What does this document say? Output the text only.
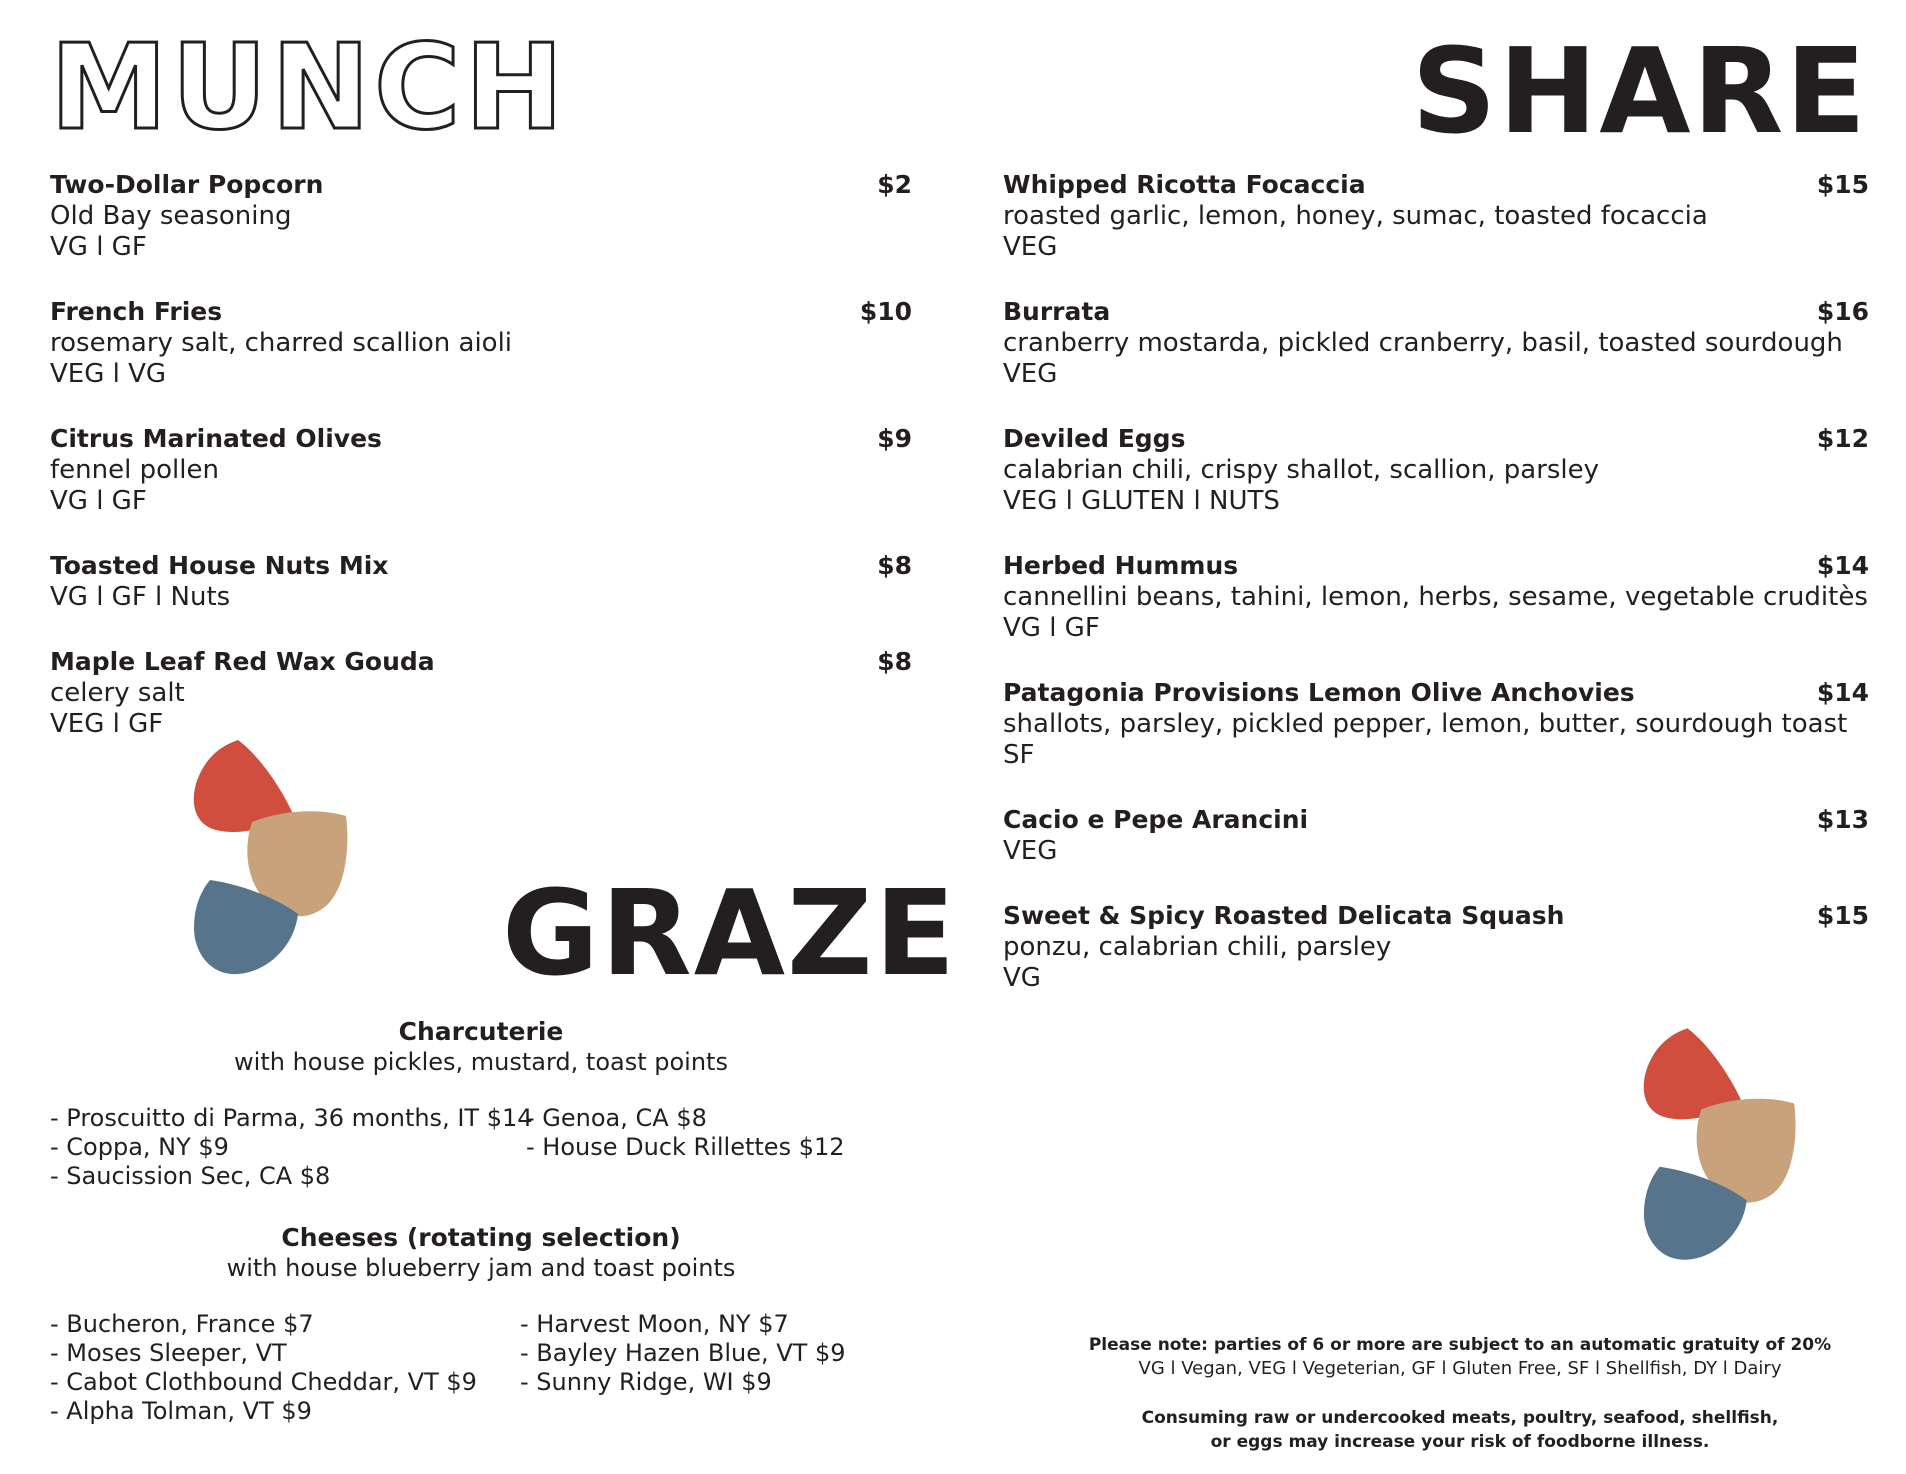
MUNCH	SHARE
Two-Dollar Popcorn	$2
Old Bay seasoning
VG l GF
French Fries	$10
rosemary salt, charred scallion aioli
VEG l VG
Citrus Marinated Olives	$9
fennel pollen
VG l GF
Toasted House Nuts Mix	$8
VG l GF l Nuts
Maple Leaf Red Wax Gouda	$8
celery salt
VEG l GF
GRAZE
Charcuterie
with house pickles, mustard, toast points
- Proscuitto di Parma, 36 months, IT $14
- Coppa, NY $9
- Saucission Sec, CA $8
- Genoa, CA $8
- House Duck Rillettes $12
Cheeses (rotating selection)
with house blueberry jam and toast points
- Bucheron, France $7
- Moses Sleeper, VT
- Cabot Clothbound Cheddar, VT $9
- Alpha Tolman, VT $9
- Harvest Moon, NY $7
- Bayley Hazen Blue, VT $9
- Sunny Ridge, WI $9
Whipped Ricotta Focaccia	$15
roasted garlic, lemon, honey, sumac, toasted focaccia
VEG
Burrata	$16
cranberry mostarda, pickled cranberry, basil, toasted sourdough
VEG
Deviled Eggs	$12
calabrian chili, crispy shallot, scallion, parsley
VEG l GLUTEN l NUTS
Herbed Hummus	$14
cannellini beans, tahini, lemon, herbs, sesame, vegetable cruditès
VG l GF
Patagonia Provisions Lemon Olive Anchovies	$14
shallots, parsley, pickled pepper, lemon, butter, sourdough toast
SF
Cacio e Pepe Arancini	$13
VEG
Sweet & Spicy Roasted Delicata Squash	$15
ponzu, calabrian chili, parsley
VG
Please note: parties of 6 or more are subject to an automatic gratuity of 20%
VG l Vegan, VEG l Vegeterian, GF l Gluten Free, SF l Shellfish, DY l Dairy
Consuming raw or undercooked meats, poultry, seafood, shellfish,
or eggs may increase your risk of foodborne illness.
